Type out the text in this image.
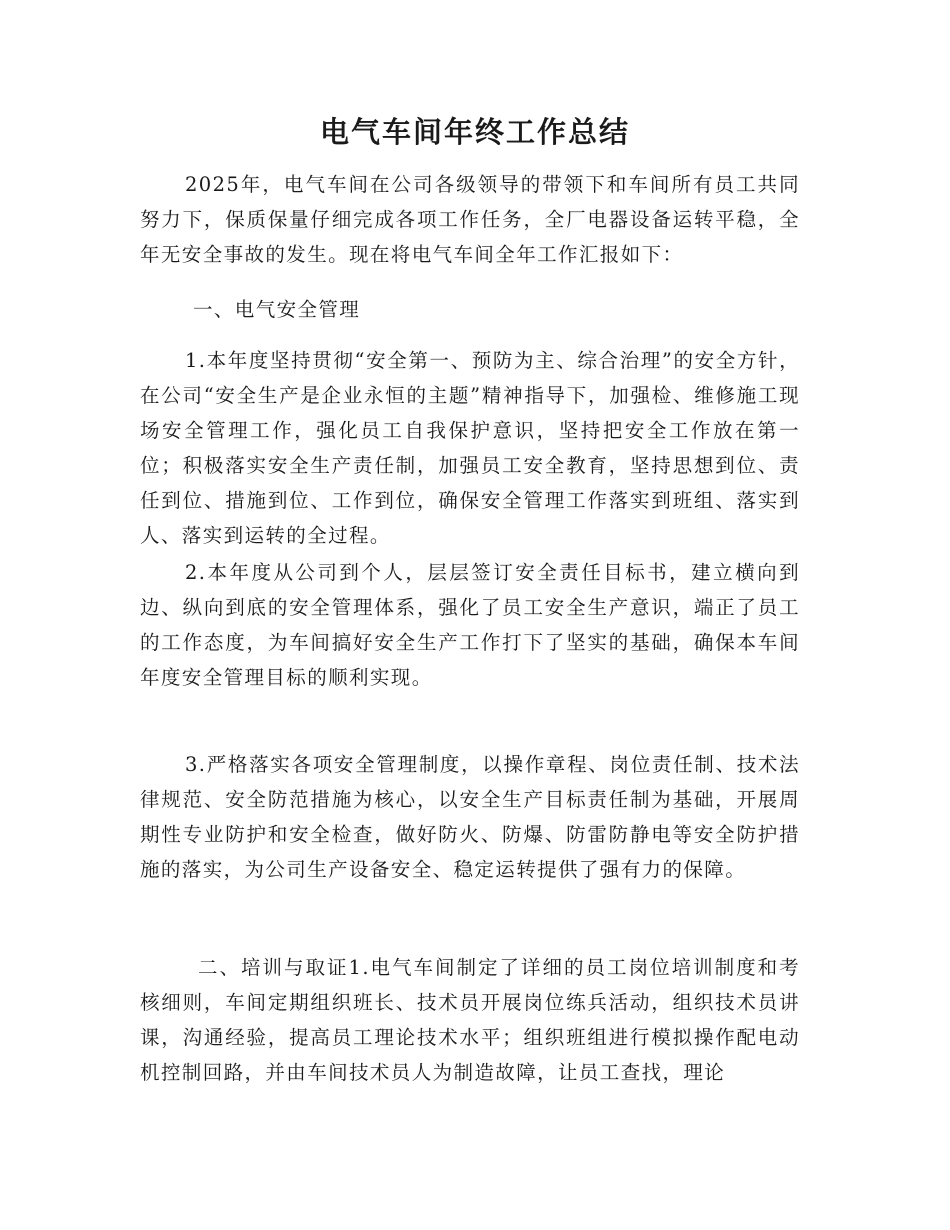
电气车间年终工作总结

2025年，电气车间在公司各级领导的带领下和车间所有员工共同努力下，保质保量仔细完成各项工作任务，全厂电器设备运转平稳，全年无安全事故的发生。现在将电气车间全年工作汇报如下：

一、电气安全管理

1.本年度坚持贯彻“安全第一、预防为主、综合治理”的安全方针，在公司“安全生产是企业永恒的主题”精神指导下，加强检、维修施工现场安全管理工作，强化员工自我保护意识，坚持把安全工作放在第一位；积极落实安全生产责任制，加强员工安全教育，坚持思想到位、责任到位、措施到位、工作到位，确保安全管理工作落实到班组、落实到人、落实到运转的全过程。

2.本年度从公司到个人，层层签订安全责任目标书，建立横向到边、纵向到底的安全管理体系，强化了员工安全生产意识，端正了员工的工作态度，为车间搞好安全生产工作打下了坚实的基础，确保本车间年度安全管理目标的顺利实现。

3.严格落实各项安全管理制度，以操作章程、岗位责任制、技术法律规范、安全防范措施为核心，以安全生产目标责任制为基础，开展周期性专业防护和安全检查，做好防火、防爆、防雷防静电等安全防护措施的落实，为公司生产设备安全、稳定运转提供了强有力的保障。

二、培训与取证1.电气车间制定了详细的员工岗位培训制度和考核细则，车间定期组织班长、技术员开展岗位练兵活动，组织技术员讲课，沟通经验，提高员工理论技术水平；组织班组进行模拟操作配电动机控制回路，并由车间技术员人为制造故障，让员工查找，理论
